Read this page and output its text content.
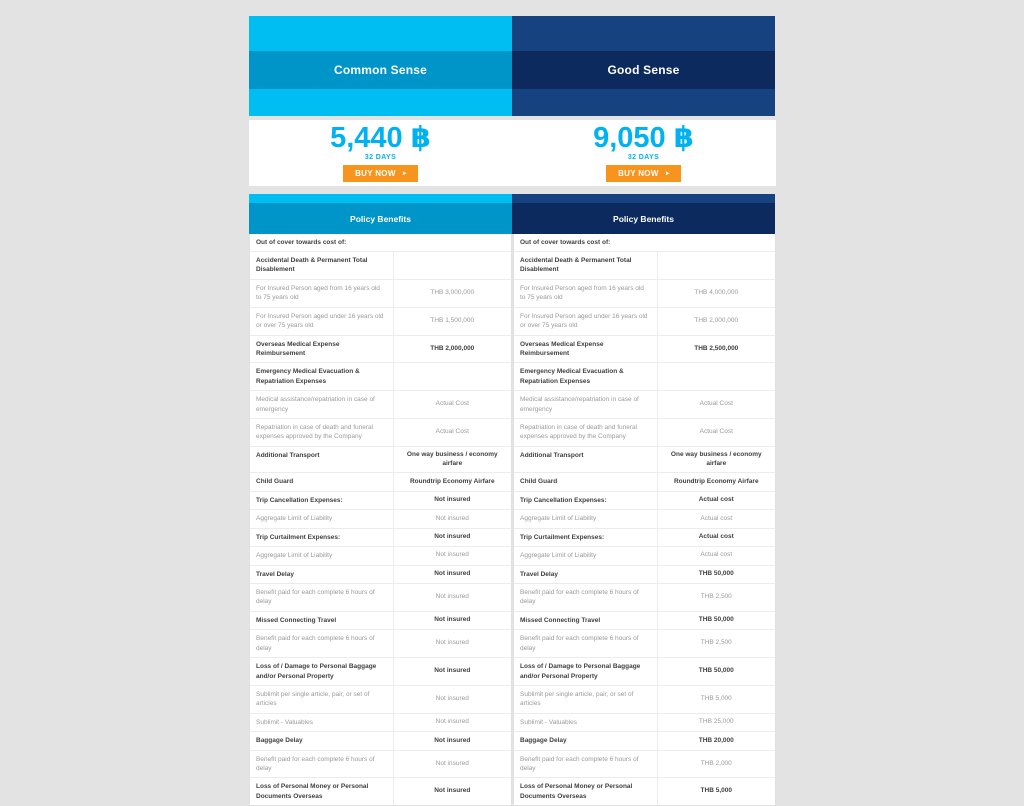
Common Sense	Good Sense
5,440 ฿
32 DAYS
BUY NOW ►
9,050 ฿
32 DAYS
BUY NOW ►
Policy Benefits	Policy Benefits
Out of cover towards cost of:
Accidental Death & Permanent Total Disablement
For Insured Person aged from 16 years old to 75 years old
THB 3,000,000
For Insured Person aged under 16 years old or over 75 years old
THB 1,500,000
Overseas Medical Expense Reimbursement
THB 2,000,000
Emergency Medical Evacuation & Repatriation Expenses
Medical assistance/repatriation in case of emergency
Actual Cost
Repatriation in case of death and funeral expenses approved by the Company
Actual Cost
Additional Transport	One way business / economy airfare
Child Guard	Roundtrip Economy Airfare
Trip Cancellation Expenses:	Not insured
Aggregate Limit of Liability	Not insured
Trip Curtailment Expenses:	Not insured
Aggregate Limit of Liability	Not insured
Travel Delay	Not insured
Benefit paid for each complete 6 hours of delay
Not insured
Missed Connecting Travel	Not insured
Benefit paid for each complete 6 hours of delay
Not insured
Loss of / Damage to Personal Baggage and/or Personal Property
Not insured
Sublimit per single article, pair, or set of articles
Not insured
Sublimit - Valuables	Not insured
Baggage Delay	Not insured
Benefit paid for each complete 6 hours of delay
Not insured
Loss of Personal Money or Personal Documents Overseas
Not insured
Out of cover towards cost of:
Accidental Death & Permanent Total Disablement
For Insured Person aged from 16 years old to 75 years old
THB 4,000,000
For Insured Person aged under 16 years old or over 75 years old
THB 2,000,000
Overseas Medical Expense Reimbursement
THB 2,500,000
Emergency Medical Evacuation & Repatriation Expenses
Medical assistance/repatriation in case of emergency
Actual Cost
Repatriation in case of death and funeral expenses approved by the Company
Actual Cost
Additional Transport	One way business / economy airfare
Child Guard	Roundtrip Economy Airfare
Trip Cancellation Expenses:	Actual cost
Aggregate Limit of Liability	Actual cost
Trip Curtailment Expenses:	Actual cost
Aggregate Limit of Liability	Actual cost
Travel Delay	THB 50,000
Benefit paid for each complete 6 hours of delay
THB 2,500
Missed Connecting Travel	THB 50,000
Benefit paid for each complete 6 hours of delay
THB 2,500
Loss of / Damage to Personal Baggage and/or Personal Property
THB 50,000
Sublimit per single article, pair, or set of articles
THB 5,000
Sublimit - Valuables	THB 25,000
Baggage Delay	THB 20,000
Benefit paid for each complete 6 hours of delay
THB 2,000
Loss of Personal Money or Personal Documents Overseas
THB 5,000
